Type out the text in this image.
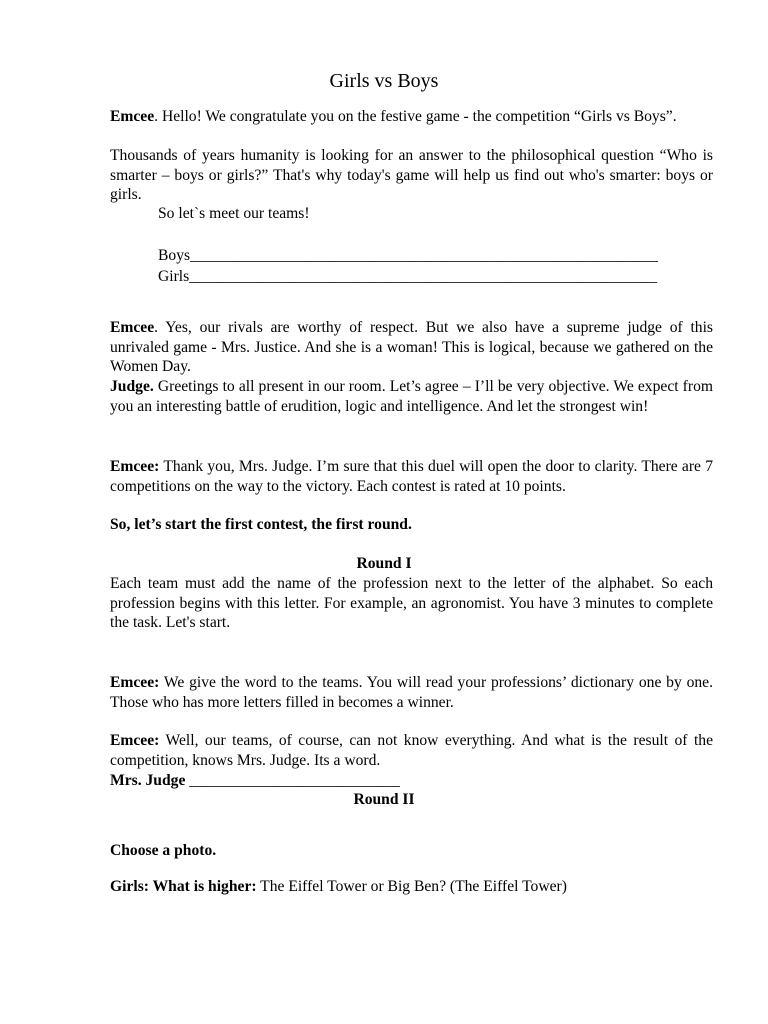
Girls vs Boys

Emcee. Hello! We congratulate you on the festive game - the competition “Girls vs Boys”.

Thousands of years humanity is looking for an answer to the philosophical question “Who is smarter – boys or girls?” That's why today's game will help us find out who's smarter: boys or girls.

So let`s meet our teams!
Boys____________________________________________________________
Girls____________________________________________________________

Emcee. Yes, our rivals are worthy of respect. But we also have a supreme judge of this unrivaled game - Mrs. Justice. And she is a woman! This is logical, because we gathered on the Women Day.

Judge. Greetings to all present in our room. Let’s agree – I’ll be very objective. We expect from you an interesting battle of erudition, logic and intelligence. And let the strongest win!

Emcee: Thank you, Mrs. Judge. I’m sure that this duel will open the door to clarity. There are 7 competitions on the way to the victory. Each contest is rated at 10 points.

So, let’s start the first contest, the first round.

Round I

Each team must add the name of the profession next to the letter of the alphabet. So each profession begins with this letter. For example, an agronomist. You have 3 minutes to complete the task. Let's start.

Emcee: We give the word to the teams. You will read your professions’ dictionary one by one. Those who has more letters filled in becomes a winner.

Emcee: Well, our teams, of course, can not know everything. And what is the result of the competition, knows Mrs. Judge. Its a word.

Mrs. Judge ___________________________
Round II

Choose a photo.

Girls: What is higher: The Eiffel Tower or Big Ben? (The Eiffel Tower)
